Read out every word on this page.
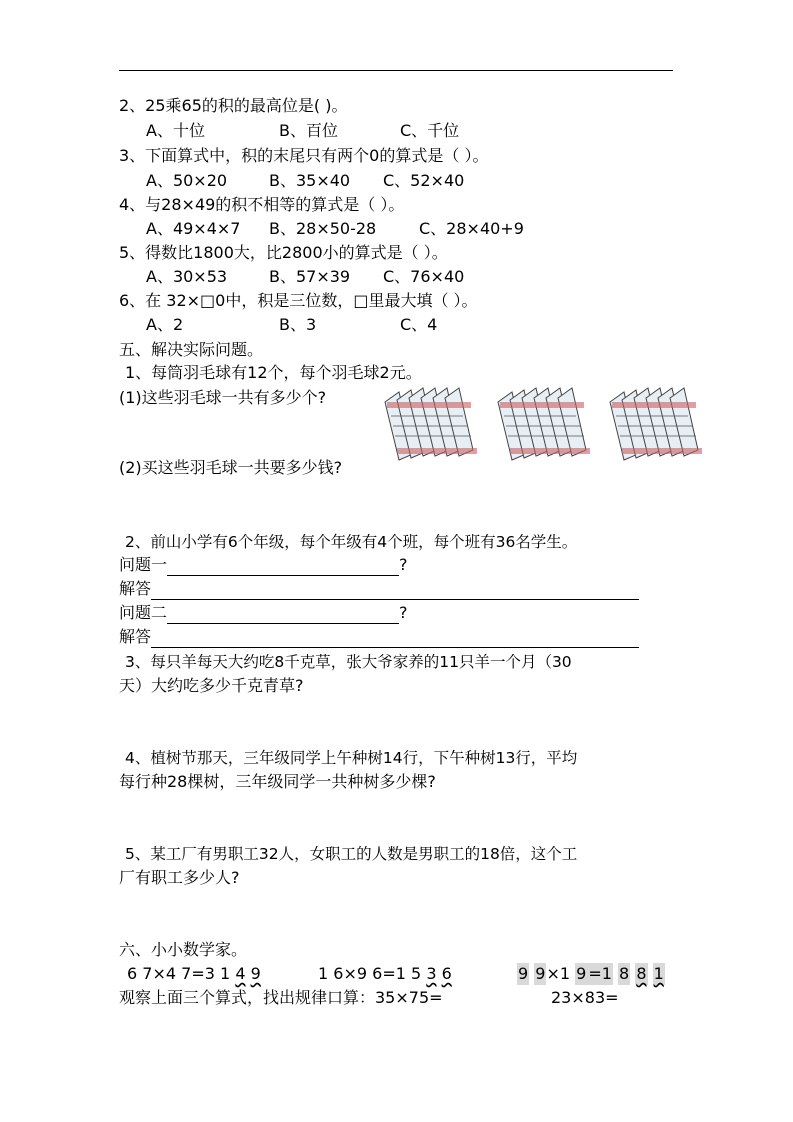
2、25乘65的积的最高位是( )。
A、十位	B、百位	C、千位
3、下面算式中，积的末尾只有两个0的算式是（ ）。
A、50×20	B、35×40 C、52×40
4、与28×49的积不相等的算式是（ ）。
A、49×4×7 B、28×50-28	C、28×40+9
5、得数比1800大，比2800小的算式是（ ）。
A、30×53	B、57×39 C、76×40
6、在 32×□0中，积是三位数，□里最大填（ ）。
A、2	B、3	C、4
五、解决实际问题。
1、每筒羽毛球有12个，每个羽毛球2元。
(1)这些羽毛球一共有多少个?
(2)买这些羽毛球一共要多少钱?
2、前山小学有6个年级，每个年级有4个班，每个班有36名学生。
问题一	?
解答
问题二	?
解答
3、每只羊每天大约吃8千克草，张大爷家养的11只羊一个月（30
天）大约吃多少千克青草?
4、植树节那天，三年级同学上午种树14行，下午种树13行，平均
每行种28棵树，三年级同学一共种树多少棵?
5、某工厂有男职工32人，女职工的人数是男职工的18倍，这个工
厂有职工多少人?
六、小小数学家。
6 7×4 7=3 1 4 9	1 6×9 6=1 5 3 6	9 9×1 9 =1 8 8 1
观察上面三个算式，找出规律口算：35×75=	23×83=
